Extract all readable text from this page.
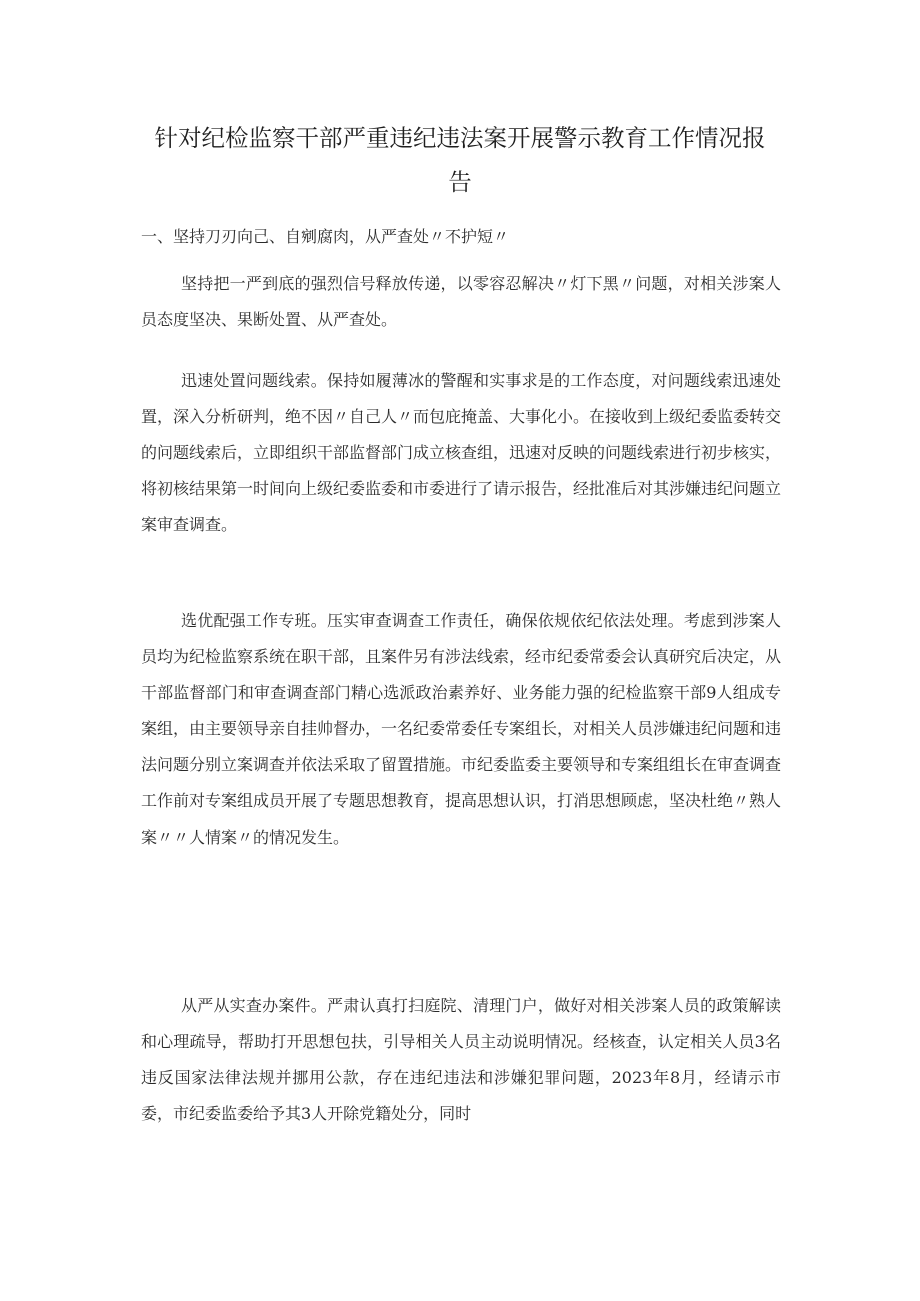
针对纪检监察干部严重违纪违法案开展警示教育工作情况报告

一、坚持刀刃向己、自剜腐肉，从严查处〃不护短〃

坚持把一严到底的强烈信号释放传递，以零容忍解决〃灯下黑〃问题，对相关涉案人员态度坚决、果断处置、从严查处。

迅速处置问题线索。保持如履薄冰的警醒和实事求是的工作态度，对问题线索迅速处置，深入分析研判，绝不因〃自己人〃而包庇掩盖、大事化小。在接收到上级纪委监委转交的问题线索后，立即组织干部监督部门成立核查组，迅速对反映的问题线索进行初步核实，将初核结果第一时间向上级纪委监委和市委进行了请示报告，经批准后对其涉嫌违纪问题立案审查调查。

选优配强工作专班。压实审查调查工作责任，确保依规依纪依法处理。考虑到涉案人员均为纪检监察系统在职干部，且案件另有涉法线索，经市纪委常委会认真研究后决定，从干部监督部门和审查调查部门精心选派政治素养好、业务能力强的纪检监察干部9人组成专案组，由主要领导亲自挂帅督办，一名纪委常委任专案组长，对相关人员涉嫌违纪问题和违法问题分别立案调查并依法采取了留置措施。市纪委监委主要领导和专案组组长在审查调查工作前对专案组成员开展了专题思想教育，提高思想认识，打消思想顾虑，坚决杜绝〃熟人案〃〃人情案〃的情况发生。

从严从实查办案件。严肃认真打扫庭院、清理门户，做好对相关涉案人员的政策解读和心理疏导，帮助打开思想包扶，引导相关人员主动说明情况。经核查，认定相关人员3名违反国家法律法规并挪用公款，存在违纪违法和涉嫌犯罪问题，2023年8月，经请示市委，市纪委监委给予其3人开除党籍处分，同时
